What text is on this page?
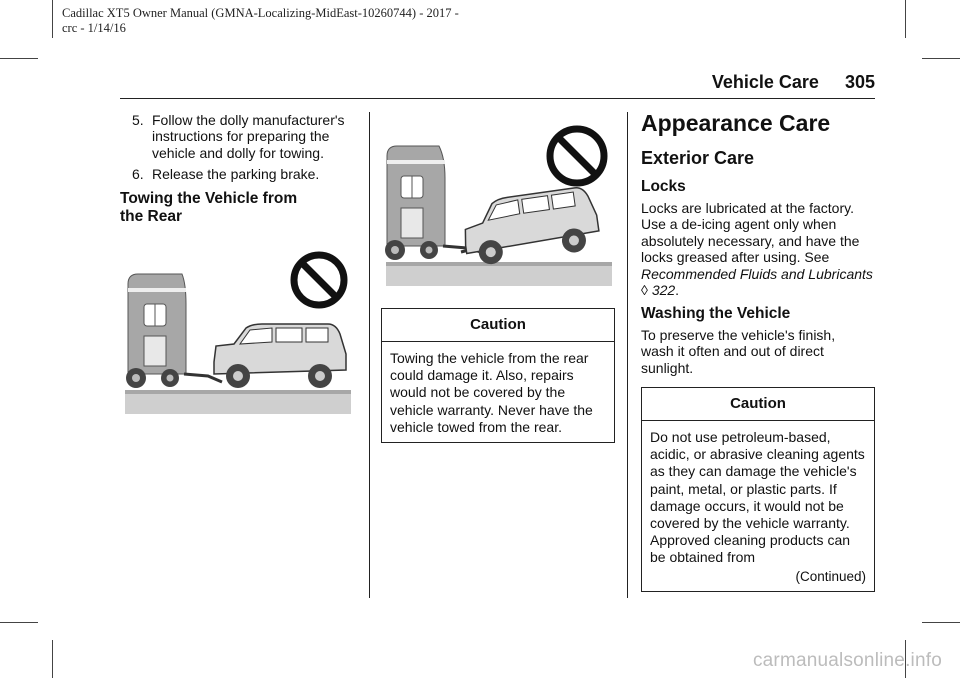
Cadillac XT5 Owner Manual (GMNA-Localizing-MidEast-10260744) - 2017 -
crc - 1/14/16
Vehicle Care 305
5. Follow the dolly manufacturer's instructions for preparing the vehicle and dolly for towing.
6. Release the parking brake.
Towing the Vehicle from
the Rear
Caution
Towing the vehicle from the rear could damage it. Also, repairs would not be covered by the vehicle warranty. Never have the vehicle towed from the rear.
Appearance Care
Exterior Care
Locks
Locks are lubricated at the factory. Use a de-icing agent only when absolutely necessary, and have the locks greased after using. See Recommended Fluids and Lubricants ◊ 322.
Washing the Vehicle
To preserve the vehicle's finish, wash it often and out of direct sunlight.
Caution
Do not use petroleum-based, acidic, or abrasive cleaning agents as they can damage the vehicle's paint, metal, or plastic parts. If damage occurs, it would not be covered by the vehicle warranty. Approved cleaning products can be obtained from
(Continued)
carmanualsonline.info
